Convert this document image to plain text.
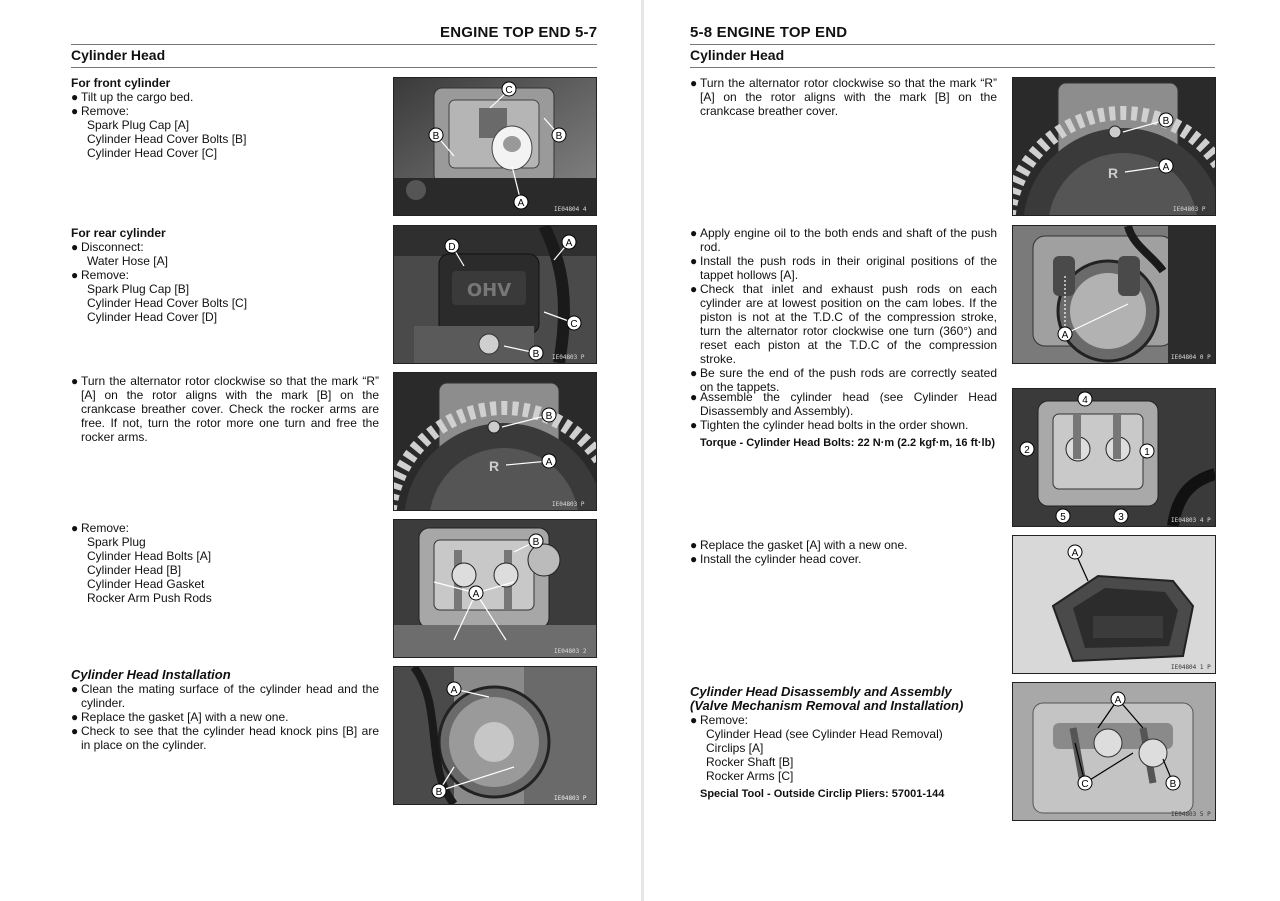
ENGINE TOP END 5-7
Cylinder Head
For front cylinder
● Tilt up the cargo bed.
● Remove:
Spark Plug Cap [A]
Cylinder Head Cover Bolts [B]
Cylinder Head Cover [C]
B	B
C
A
IE04804 4
For rear cylinder
● Disconnect:
Water Hose [A]
● Remove:
Spark Plug Cap [B]
Cylinder Head Cover Bolts [C]
Cylinder Head Cover [D]
OHV
D	A
C
B IE04803 P
● Turn the alternator rotor clockwise so that the mark “R” [A] on the rotor aligns with the mark [B] on the crankcase breather cover. Check the rocker arms are free. If not, turn the rotor more one turn and free the rocker arms.
R
B
A
IE04803 P
● Remove:
Spark Plug
Cylinder Head Bolts [A]
Cylinder Head [B]
Cylinder Head Gasket
Rocker Arm Push Rods
B
A
IE04803 2
Cylinder Head Installation
● Clean the mating surface of the cylinder head and the cylinder.
● Replace the gasket [A] with a new one.
● Check to see that the cylinder head knock pins [B] are in place on the cylinder.
A
B
IE04803 P
5-8 ENGINE TOP END
Cylinder Head
● Turn the alternator rotor clockwise so that the mark “R” [A] on the rotor aligns with the mark [B] on the crankcase breather cover.
R
B
A
IE04803 P
● Apply engine oil to the both ends and shaft of the push rod.
● Install the push rods in their original positions of the tappet hollows [A].
● Check that inlet and exhaust push rods on each cylinder are at lowest position on the cam lobes. If the piston is not at the T.D.C of the compression stroke, turn the alternator rotor clockwise one turn (360°) and reset each piston at the T.D.C of the compression stroke.
● Be sure the end of the push rods are correctly seated on the tappets.
A
IE04804 0 P
● Assemble the cylinder head (see Cylinder Head Disassembly and Assembly).
● Tighten the cylinder head bolts in the order shown.
Torque - Cylinder Head Bolts: 22 N·m (2.2 kgf·m, 16 ft·lb)
4
2	1
5	3	IE04803 4 P
● Replace the gasket [A] with a new one.
● Install the cylinder head cover.	A
IE04804 1 P
Cylinder Head Disassembly and Assembly
(Valve Mechanism Removal and Installation)
● Remove:
Cylinder Head (see Cylinder Head Removal)
Circlips [A]
Rocker Shaft [B]
Rocker Arms [C]
Special Tool - Outside Circlip Pliers: 57001-144
A
C	B
IE04803 5 P
